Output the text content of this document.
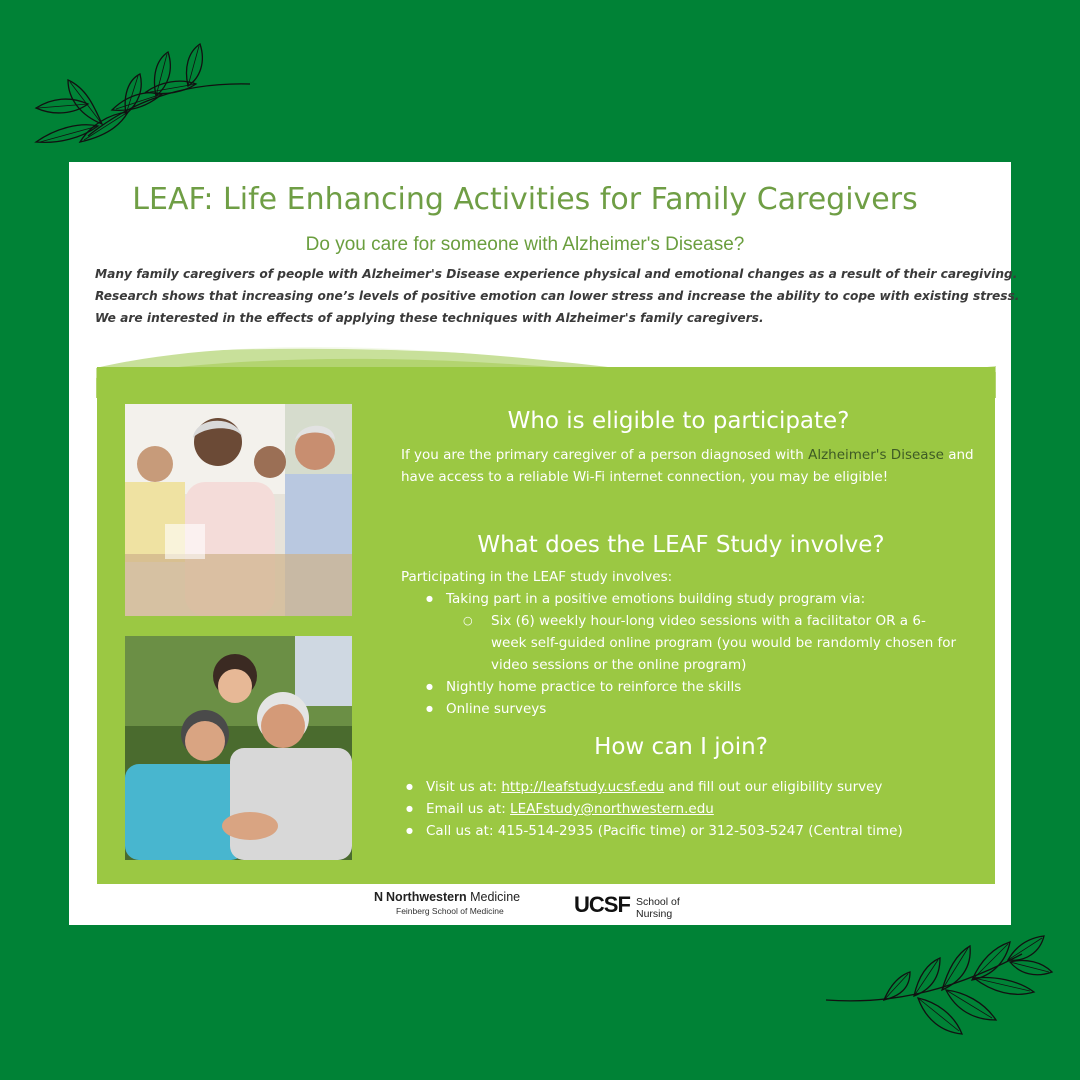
LEAF: Life Enhancing Activities for Family Caregivers
Do you care for someone with Alzheimer's Disease?

Many family caregivers of people with Alzheimer's Disease experience physical and emotional changes as a result of their caregiving.
Research shows that increasing one’s levels of positive emotion can lower stress and increase the ability to cope with existing stress.
We are interested in the effects of applying these techniques with Alzheimer's family caregivers.

Who is eligible to participate?

If you are the primary caregiver of a person diagnosed with Alzheimer's Disease and have access to a reliable Wi-Fi internet connection, you may be eligible!

What does the LEAF Study involve?

Participating in the LEAF study involves:

● Taking part in a positive emotions building study program via:

○ Six (6) weekly hour-long video sessions with a facilitator OR a 6-week self-guided online program (you would be randomly chosen for video sessions or the online program)

● Nightly home practice to reinforce the skills

● Online surveys

How can I join?

● Visit us at: http://leafstudy.ucsf.edu and fill out our eligibility survey

● Email us at: LEAFstudy@northwestern.edu

● Call us at: 415-514-2935 (Pacific time) or 312-503-5247 (Central time)

N Northwestern Medicine
Feinberg School of Medicine	UCSF School of
Nursing
